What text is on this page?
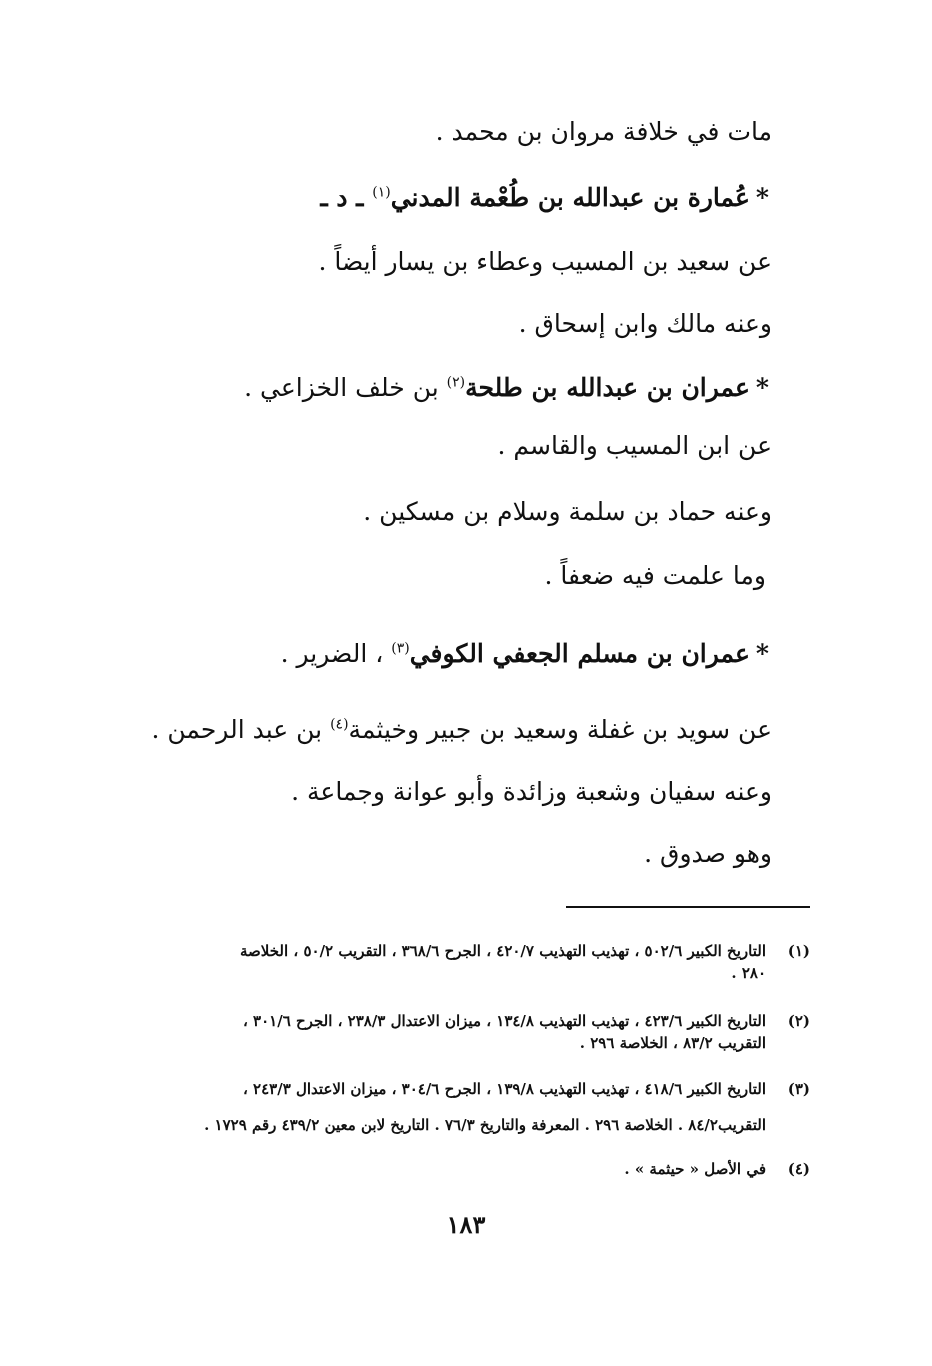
مات في خلافة مروان بن محمد .
*عُمارة بن عبدالله بن طُعْمة المدني$^{(١)}$ ـ د ـ
عن سعيد بن المسيب وعطاء بن يسار أيضاً .
وعنه مالك وابن إسحاق .
*عمران بن عبدالله بن طلحة$^{(٢)}$ بن خلف الخزاعي .
عن ابن المسيب والقاسم .
وعنه حماد بن سلمة وسلام بن مسكين .
وما علمت فيه ضعفاً .
*عمران بن مسلم الجعفي الكوفي$^{(٣)}$ ، الضرير .
عن سويد بن غفلة وسعيد بن جبير وخيثمة$^{(٤)}$ بن عبد الرحمن .
وعنه سفيان وشعبة وزائدة وأبو عوانة وجماعة .
وهو صدوق .
(١)
التاريخ الكبير ٥٠٢/٦ ، تهذيب التهذيب ٤٢٠/٧ ، الجرح ٣٦٨/٦ ، التقريب ٥٠/٢ ، الخلاصة
٢٨٠ .
(٢)
التاريخ الكبير ٤٢٣/٦ ، تهذيب التهذيب ١٣٤/٨ ، ميزان الاعتدال ٢٣٨/٣ ، الجرح ٣٠١/٦ ،
التقريب ٨٣/٢ ، الخلاصة ٢٩٦ .
(٣)
التاريخ الكبير ٤١٨/٦ ، تهذيب التهذيب ١٣٩/٨ ، الجرح ٣٠٤/٦ ، ميزان الاعتدال ٢٤٣/٣ ،
التقريب٨٤/٢ . الخلاصة ٢٩٦ . المعرفة والتاريخ ٧٦/٣ . التاريخ لابن معين ٤٣٩/٢ رقم ١٧٢٩ .
(٤)
في الأصل « حيثمة » .
١٨٣
